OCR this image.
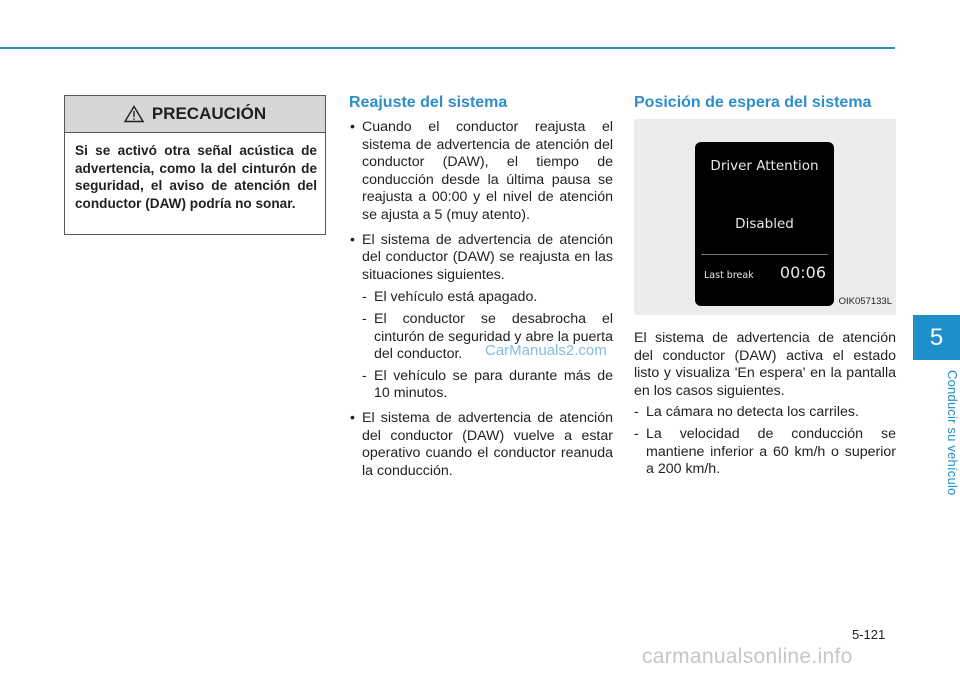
5
Conducir su vehículo
PRECAUCIÓN
Si se activó otra señal acústica de advertencia, como la del cinturón de seguridad, el aviso de atención del conductor (DAW) podría no sonar.
Reajuste del sistema
• Cuando el conductor reajusta el sistema de advertencia de atención del conductor (DAW), el tiempo de conducción desde la última pausa se reajusta a 00:00 y el nivel de atención se ajusta a 5 (muy atento).
• El sistema de advertencia de atención del conductor (DAW) se reajusta en las situaciones siguientes.
- El vehículo está apagado.
- El conductor se desabrocha el cinturón de seguridad y abre la puerta del conductor.
- El vehículo se para durante más de 10 minutos.
• El sistema de advertencia de atención del conductor (DAW) vuelve a estar operativo cuando el conductor reanuda la conducción.
Posición de espera del sistema
Driver Attention
Disabled
Last break 00:06
OIK057133L
El sistema de advertencia de atención del conductor (DAW) activa el estado listo y visualiza 'En espera' en la pantalla en los casos siguientes.
- La cámara no detecta los carriles.
- La velocidad de conducción se mantiene inferior a 60 km/h o superior a 200 km/h.
CarManuals2.com
5-121
carmanualsonline.info
